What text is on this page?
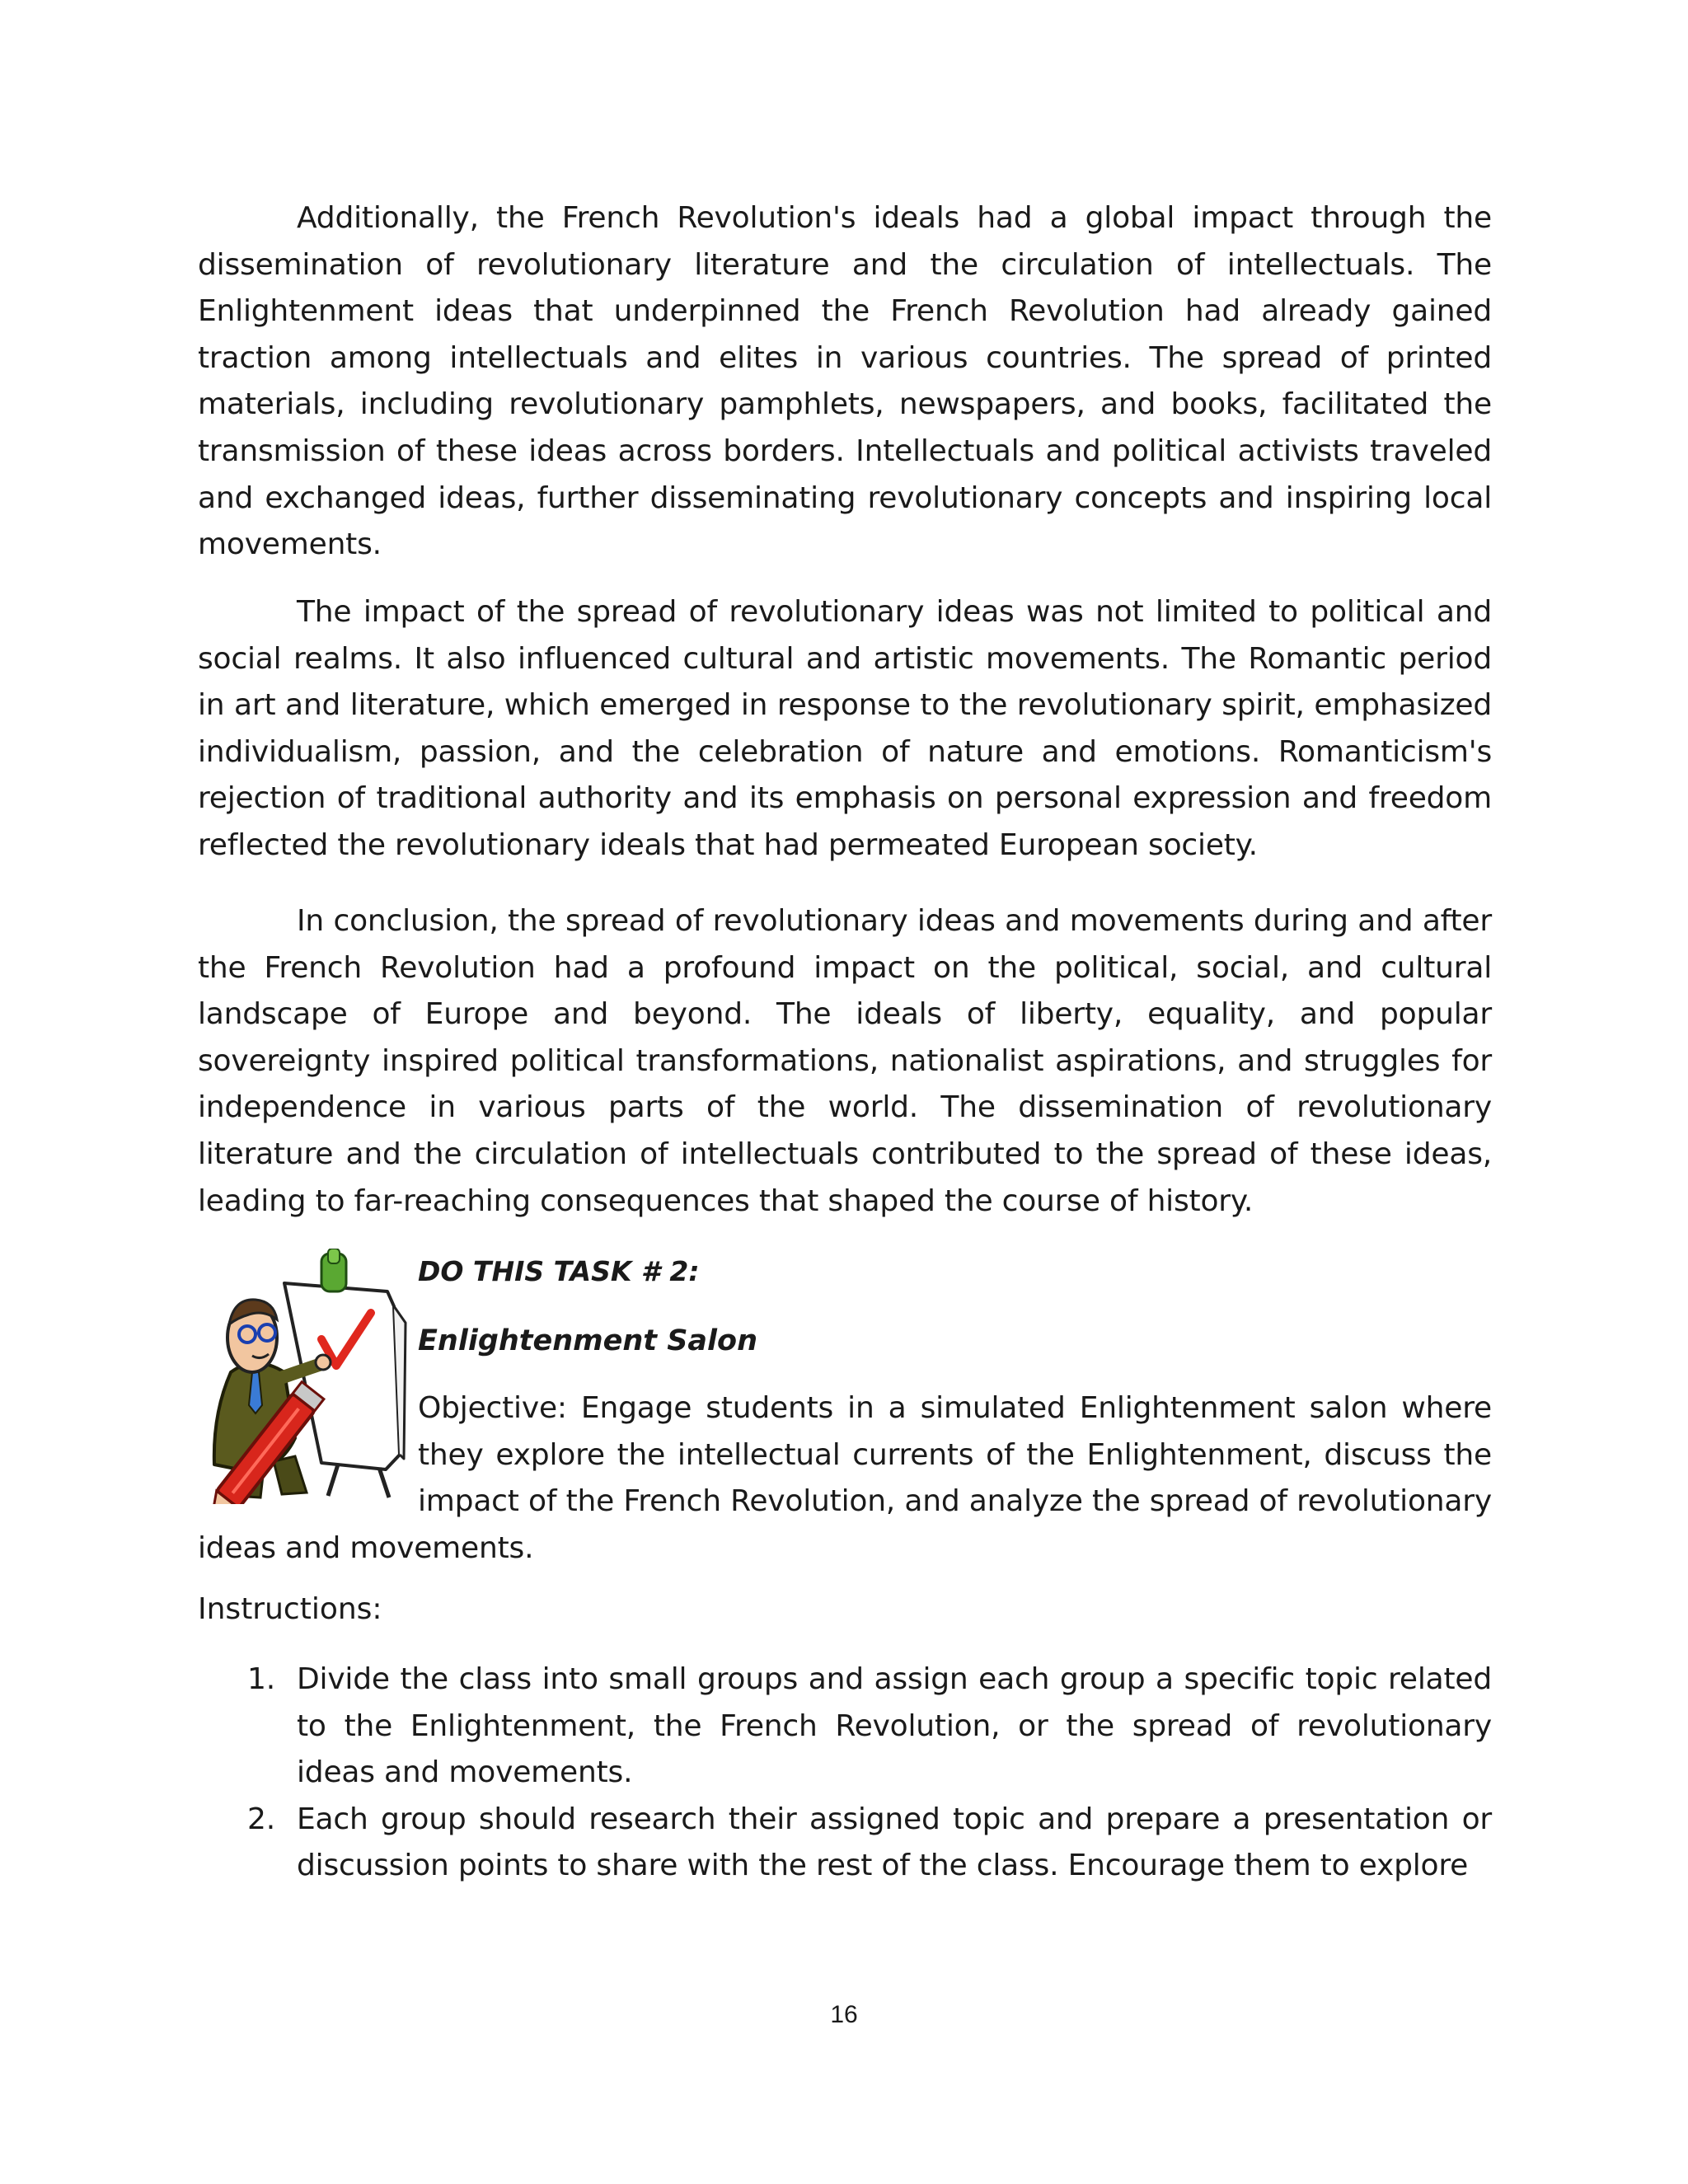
Additionally, the French Revolution's ideals had a global impact through the dissemination of revolutionary literature and the circulation of intellectuals. The Enlightenment ideas that underpinned the French Revolution had already gained traction among intellectuals and elites in various countries. The spread of printed materials, including revolutionary pamphlets, newspapers, and books, facilitated the transmission of these ideas across borders. Intellectuals and political activists traveled and exchanged ideas, further disseminating revolutionary concepts and inspiring local movements.

The impact of the spread of revolutionary ideas was not limited to political and social realms. It also influenced cultural and artistic movements. The Romantic period in art and literature, which emerged in response to the revolutionary spirit, emphasized individualism, passion, and the celebration of nature and emotions. Romanticism's rejection of traditional authority and its emphasis on personal expression and freedom reflected the revolutionary ideals that had permeated European society.

In conclusion, the spread of revolutionary ideas and movements during and after the French Revolution had a profound impact on the political, social, and cultural landscape of Europe and beyond. The ideals of liberty, equality, and popular sovereignty inspired political transformations, nationalist aspirations, and struggles for independence in various parts of the world. The dissemination of revolutionary literature and the circulation of intellectuals contributed to the spread of these ideas, leading to far-reaching consequences that shaped the course of history.

DO THIS TASK # 2:

Enlightenment Salon

Objective: Engage students in a simulated Enlightenment salon where they explore the intellectual currents of the Enlightenment, discuss the impact of the French Revolution, and analyze the spread of revolutionary ideas and movements.

Instructions:

1. Divide the class into small groups and assign each group a specific topic related to the Enlightenment, the French Revolution, or the spread of revolutionary ideas and movements.
2. Each group should research their assigned topic and prepare a presentation or discussion points to share with the rest of the class. Encourage them to explore

16
